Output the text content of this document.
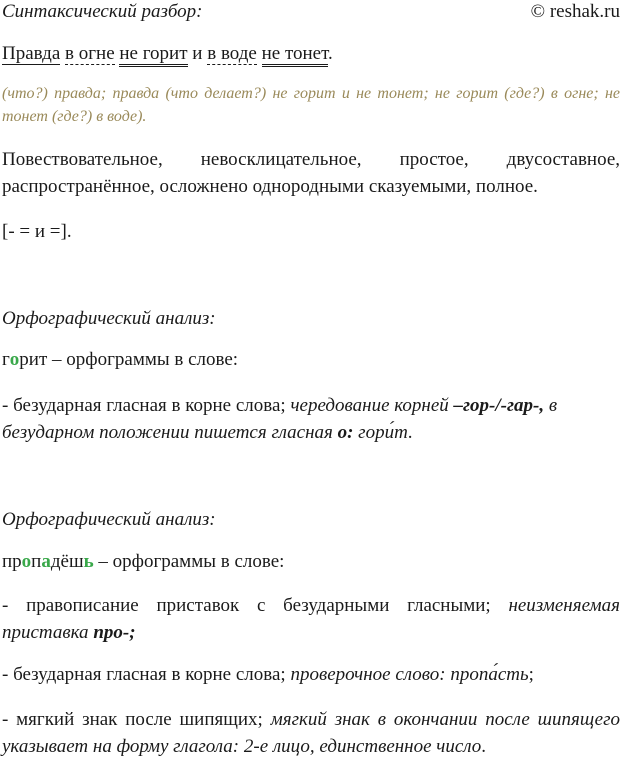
Синтаксический разбор:	© reshak.ru
Правда в огне не горит и в воде не тонет.

(что?) правда; правда (что делает?) не горит и не тонет; не горит (где?) в огне; не тонет (где?) в воде).

Повествовательное, невосклицательное, простое, двусоставное, распространённое, осложнено однородными сказуемыми, полное.

[- = и =].

Орфографический анализ:
горит – орфограммы в слове:

- безударная гласная в корне слова; чередование корней –гор-/-гар-, в безударном положении пишется гласная о: гори́т.

Орфографический анализ:
пропадёшь – орфограммы в слове:

- правописание приставок с безударными гласными; неизменяемая приставка про-;

- безударная гласная в корне слова; проверочное слово: пропа́сть;

- мягкий знак после шипящих; мягкий знак в окончании после шипящего указывает на форму глагола: 2-е лицо, единственное число.
